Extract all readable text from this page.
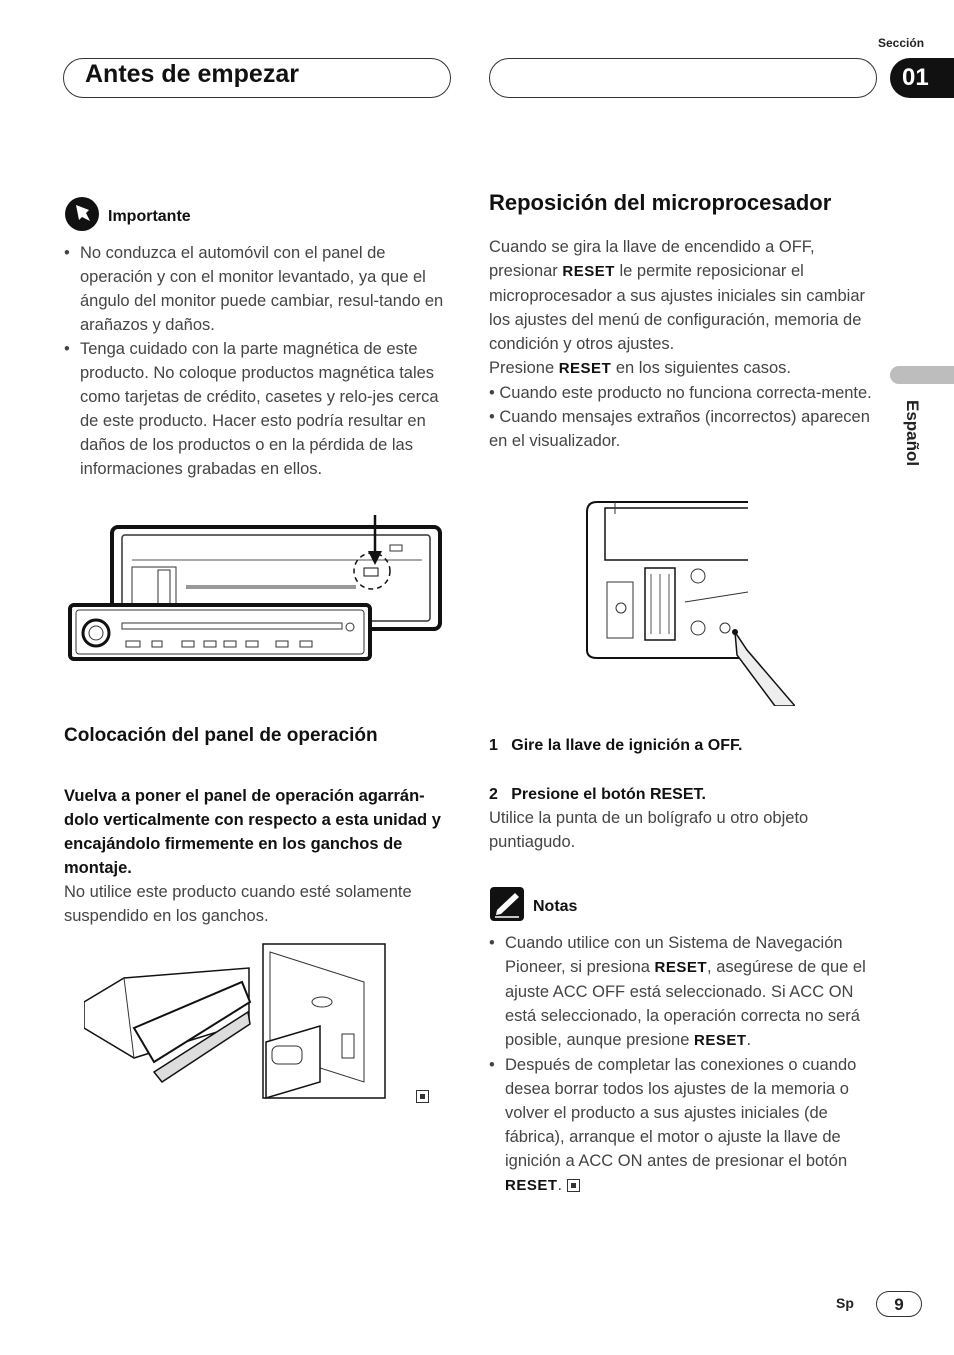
Antes de empezar
Sección
01
Español
Importante
• No conduzca el automóvil con el panel de operación y con el monitor levantado, ya que el ángulo del monitor puede cambiar, resul-tando en arañazos y daños.
• Tenga cuidado con la parte magnética de este producto. No coloque productos magnética tales como tarjetas de crédito, casetes y relo-jes cerca de este producto. Hacer esto podría resultar en daños de los productos o en la pérdida de las informaciones grabadas en ellos.
Colocación del panel de operación
Vuelva a poner el panel de operación agarrán-dolo verticalmente con respecto a esta unidad y encajándolo firmemente en los ganchos de montaje.
No utilice este producto cuando esté solamente suspendido en los ganchos.
Reposición del microprocesador
Cuando se gira la llave de encendido a OFF, presionar RESET le permite reposicionar el microprocesador a sus ajustes iniciales sin cambiar los ajustes del menú de configuración, memoria de condición y otros ajustes.
Presione RESET en los siguientes casos.
• Cuando este producto no funciona correcta-mente.
• Cuando mensajes extraños (incorrectos) aparecen en el visualizador.
1 Gire la llave de ignición a OFF.
2 Presione el botón RESET.
Utilice la punta de un bolígrafo u otro objeto puntiagudo.
Notas
• Cuando utilice con un Sistema de Navegación Pioneer, si presiona RESET, asegúrese de que el ajuste ACC OFF está seleccionado. Si ACC ON está seleccionado, la operación correcta no será posible, aunque presione RESET.
• Después de completar las conexiones o cuando desea borrar todos los ajustes de la memoria o volver el producto a sus ajustes iniciales (de fábrica), arranque el motor o ajuste la llave de ignición a ACC ON antes de presionar el botón RESET.
Sp	9
